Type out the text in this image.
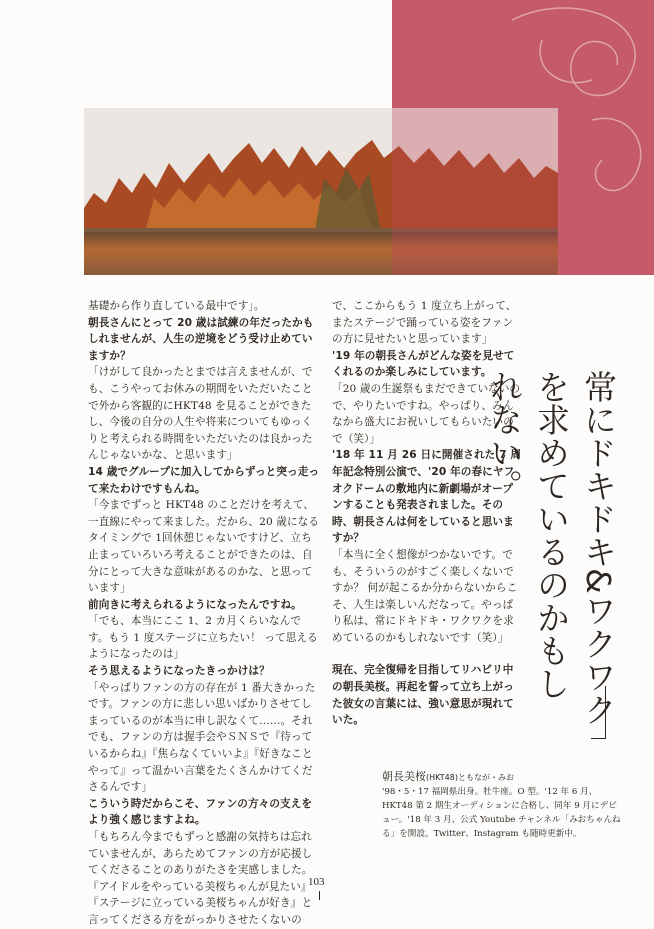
基礎から作り直している最中です」。

朝長さんにとって 20 歳は試練の年だったかもしれませんが、人生の逆境をどう受け止めていますか？

「けがして良かったとまでは言えませんが、でも、こうやってお休みの期間をいただいたことで外から客観的にHKT48 を見ることができたし、今後の自分の人生や将来についてもゆっくりと考えられる時間をいただいたのは良かったんじゃないかな、と思います」

14 歳でグループに加入してからずっと突っ走って来たわけですもんね。

「今までずっと HKT48 のことだけを考えて、一直線にやって来ました。だから、20 歳になるタイミングで 1回休憩じゃないですけど、立ち止まっていろいろ考えることができたのは、自分にとって大きな意味があるのかな、と思っています」

前向きに考えられるようになったんですね。

「でも、本当にここ 1、2 カ月くらいなんです。もう 1 度ステージに立ちたい！ って思えるようになったのは」

そう思えるようになったきっかけは？

「やっぱりファンの方の存在が 1 番大きかったです。ファンの方に悲しい思いばかりさせてしまっているのが本当に申し訳なくて……。それでも、ファンの方は握手会やＳＮＳで『待っているからね』『焦らなくていいよ』『好きなことやって』って温かい言葉をたくさんかけてくださるんです」

こういう時だからこそ、ファンの方々の支えをより強く感じますよね。

「もちろん今までもずっと感謝の気持ちは忘れていませんが、あらためてファンの方が応援してくださることのありがたさを実感しました。『アイドルをやっている美桜ちゃんが見たい』『ステージに立っている美桜ちゃんが好き』と言ってくださる方をがっかりさせたくないの

で、ここからもう 1 度立ち上がって、またステージで踊っている姿をファンの方に見せたいと思っています」

'19 年の朝長さんがどんな姿を見せてくれるのか楽しみにしています。

「20 歳の生誕祭もまだできていないので、やりたいですね。やっぱり、みんなから盛大にお祝いしてもらいたいので（笑）」

'18 年 11 月 26 日に開催された 7 周年記念特別公演で、'20 年の春にヤフオクドームの敷地内に新劇場がオープンすることも発表されました。その時、朝長さんは何をしていると思いますか？

「本当に全く想像がつかないです。でも、そういうのがすごく楽しくないですか？ 何が起こるか分からないからこそ、人生は楽しいんだなって。やっぱり私は、常にドキドキ・ワクワクを求めているのかもしれないです（笑）」

現在、完全復帰を目指してリハビリ中の朝長美桜。再起を誓って立ち上がった彼女の言葉には、強い意思が現れていた。	常にドキドキ&ワクワクを求めているのかもしれない。
朝長美桜(HKT48)ともなが・みお
'98・5・17 福岡県出身。牡牛座。O 型。'12 年 6 月、HKT48 第 2 期生オーディションに合格し、同年 9 月にデビュー。'18 年 3 月、公式 Youtube チャンネル「みおちゃんねる」を開設。Twitter、Instagram も随時更新中。
103
